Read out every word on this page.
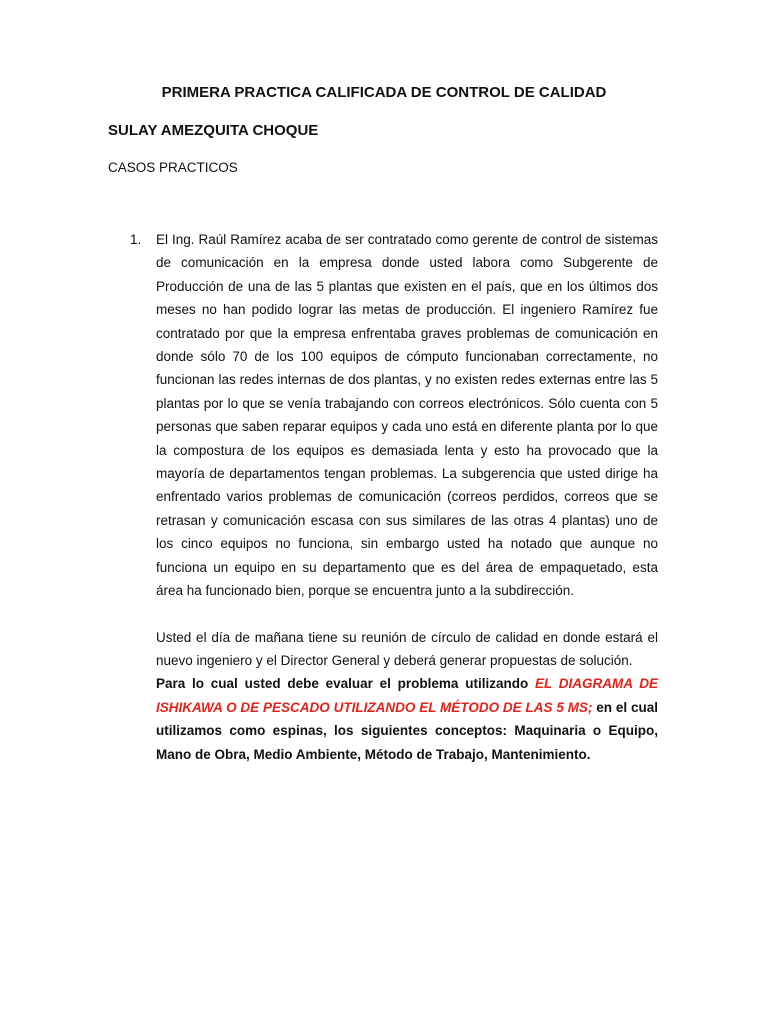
PRIMERA PRACTICA CALIFICADA DE CONTROL DE CALIDAD

SULAY AMEZQUITA CHOQUE

CASOS PRACTICOS

1. El Ing. Raúl Ramírez acaba de ser contratado como gerente de control de sistemas de comunicación en la empresa donde usted labora como Subgerente de Producción de una de las 5 plantas que existen en el país, que en los últimos dos meses no han podido lograr las metas de producción. El ingeniero Ramírez fue contratado por que la empresa enfrentaba graves problemas de comunicación en donde sólo 70 de los 100 equipos de cómputo funcionaban correctamente, no funcionan las redes internas de dos plantas, y no existen redes externas entre las 5 plantas por lo que se venía trabajando con correos electrónicos. Sólo cuenta con 5 personas que saben reparar equipos y cada uno está en diferente planta por lo que la compostura de los equipos es demasiada lenta y esto ha provocado que la mayoría de departamentos tengan problemas. La subgerencia que usted dirige ha enfrentado varios problemas de comunicación (correos perdidos, correos que se retrasan y comunicación escasa con sus similares de las otras 4 plantas) uno de los cinco equipos no funciona, sin embargo usted ha notado que aunque no funciona un equipo en su departamento que es del área de empaquetado, esta área ha funcionado bien, porque se encuentra junto a la subdirección.

Usted el día de mañana tiene su reunión de círculo de calidad en donde estará el nuevo ingeniero y el Director General y deberá generar propuestas de solución.

Para lo cual usted debe evaluar el problema utilizando EL DIAGRAMA DE ISHIKAWA O DE PESCADO UTILIZANDO EL MÉTODO DE LAS 5 MS; en el cual utilizamos como espinas, los siguientes conceptos: Maquinaria o Equipo, Mano de Obra, Medio Ambiente, Método de Trabajo, Mantenimiento.
